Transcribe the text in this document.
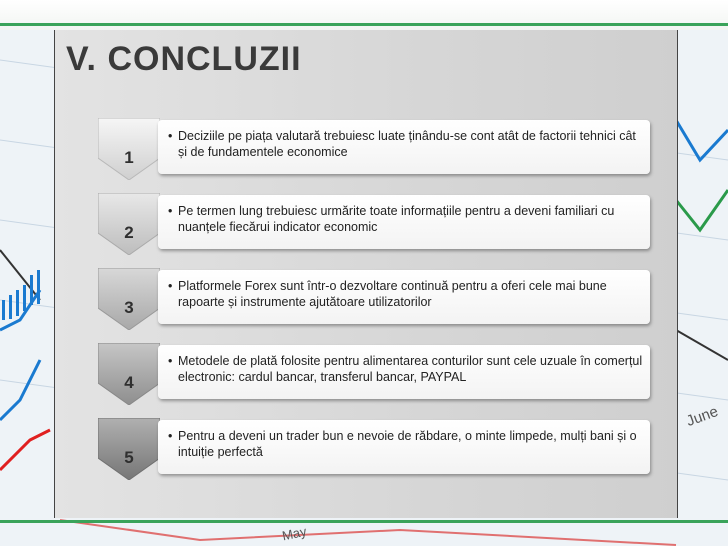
June
May
V. CONCLUZII
1
• Deciziile pe piața valutară trebuiesc luate ținându-se cont atât de factorii tehnici cât și de fundamentele economice
2
• Pe termen lung trebuiesc urmărite toate informațiile pentru a deveni familiari cu nuanțele fiecărui indicator economic
3
• Platformele Forex sunt într-o dezvoltare continuă pentru a oferi cele mai bune rapoarte și instrumente ajutătoare utilizatorilor
4
• Metodele de plată folosite pentru alimentarea conturilor sunt cele uzuale în comerțul electronic: cardul bancar, transferul bancar, PAYPAL
5
• Pentru a deveni un trader bun e nevoie de răbdare, o minte limpede, mulți bani și o intuiție perfectă
